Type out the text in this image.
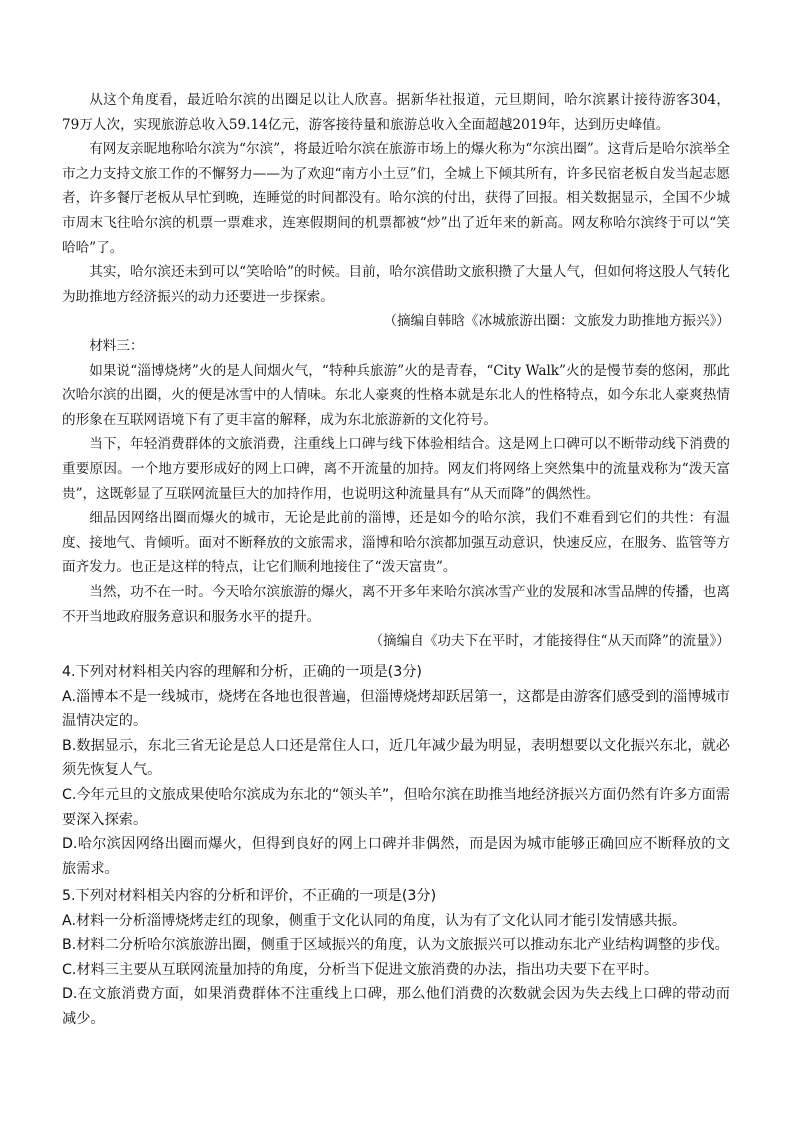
从这个角度看，最近哈尔滨的出圈足以让人欣喜。据新华社报道，元旦期间，哈尔滨累计接待游客304，79万人次，实现旅游总收入59.14亿元，游客接待量和旅游总收入全面超越2019年，达到历史峰值。

有网友亲昵地称哈尔滨为“尔滨”，将最近哈尔滨在旅游市场上的爆火称为“尔滨出圈”。这背后是哈尔滨举全市之力支持文旅工作的不懈努力——为了欢迎“南方小土豆”们，全城上下倾其所有，许多民宿老板自发当起志愿者，许多餐厅老板从早忙到晚，连睡觉的时间都没有。哈尔滨的付出，获得了回报。相关数据显示，全国不少城市周末飞往哈尔滨的机票一票难求，连寒假期间的机票都被“炒”出了近年来的新高。网友称哈尔滨终于可以“笑哈哈”了。

其实，哈尔滨还未到可以“笑哈哈”的时候。目前，哈尔滨借助文旅积攒了大量人气，但如何将这股人气转化为助推地方经济振兴的动力还要进一步探索。

（摘编自韩晗《冰城旅游出圈：文旅发力助推地方振兴》）

材料三：

如果说“淄博烧烤”火的是人间烟火气，“特种兵旅游”火的是青春，“City Walk”火的是慢节奏的悠闲，那此次哈尔滨的出圈，火的便是冰雪中的人情味。东北人豪爽的性格本就是东北人的性格特点，如今东北人豪爽热情的形象在互联网语境下有了更丰富的解释，成为东北旅游新的文化符号。

当下，年轻消费群体的文旅消费，注重线上口碑与线下体验相结合。这是网上口碑可以不断带动线下消费的重要原因。一个地方要形成好的网上口碑，离不开流量的加持。网友们将网络上突然集中的流量戏称为“泼天富贵”，这既彰显了互联网流量巨大的加持作用，也说明这种流量具有“从天而降”的偶然性。

细品因网络出圈而爆火的城市，无论是此前的淄博，还是如今的哈尔滨，我们不难看到它们的共性：有温度、接地气、肯倾听。面对不断释放的文旅需求，淄博和哈尔滨都加强互动意识，快速反应，在服务、监管等方面齐发力。也正是这样的特点，让它们顺利地接住了“泼天富贵”。

当然，功不在一时。今天哈尔滨旅游的爆火，离不开多年来哈尔滨冰雪产业的发展和冰雪品牌的传播，也离不开当地政府服务意识和服务水平的提升。

（摘编自《功夫下在平时，才能接得住“从天而降”的流量》）

4.下列对材料相关内容的理解和分析，正确的一项是(3分)

A.淄博本不是一线城市，烧烤在各地也很普遍，但淄博烧烤却跃居第一，这都是由游客们感受到的淄博城市温情决定的。

B.数据显示，东北三省无论是总人口还是常住人口，近几年减少最为明显，表明想要以文化振兴东北，就必须先恢复人气。

C.今年元旦的文旅成果使哈尔滨成为东北的“领头羊”，但哈尔滨在助推当地经济振兴方面仍然有许多方面需要深入探索。

D.哈尔滨因网络出圈而爆火，但得到良好的网上口碑并非偶然，而是因为城市能够正确回应不断释放的文旅需求。

5.下列对材料相关内容的分析和评价，不正确的一项是(3分)

A.材料一分析淄博烧烤走红的现象，侧重于文化认同的角度，认为有了文化认同才能引发情感共振。

B.材料二分析哈尔滨旅游出圈，侧重于区域振兴的角度，认为文旅振兴可以推动东北产业结构调整的步伐。

C.材料三主要从互联网流量加持的角度，分析当下促进文旅消费的办法，指出功夫要下在平时。

D.在文旅消费方面，如果消费群体不注重线上口碑，那么他们消费的次数就会因为失去线上口碑的带动而减少。
